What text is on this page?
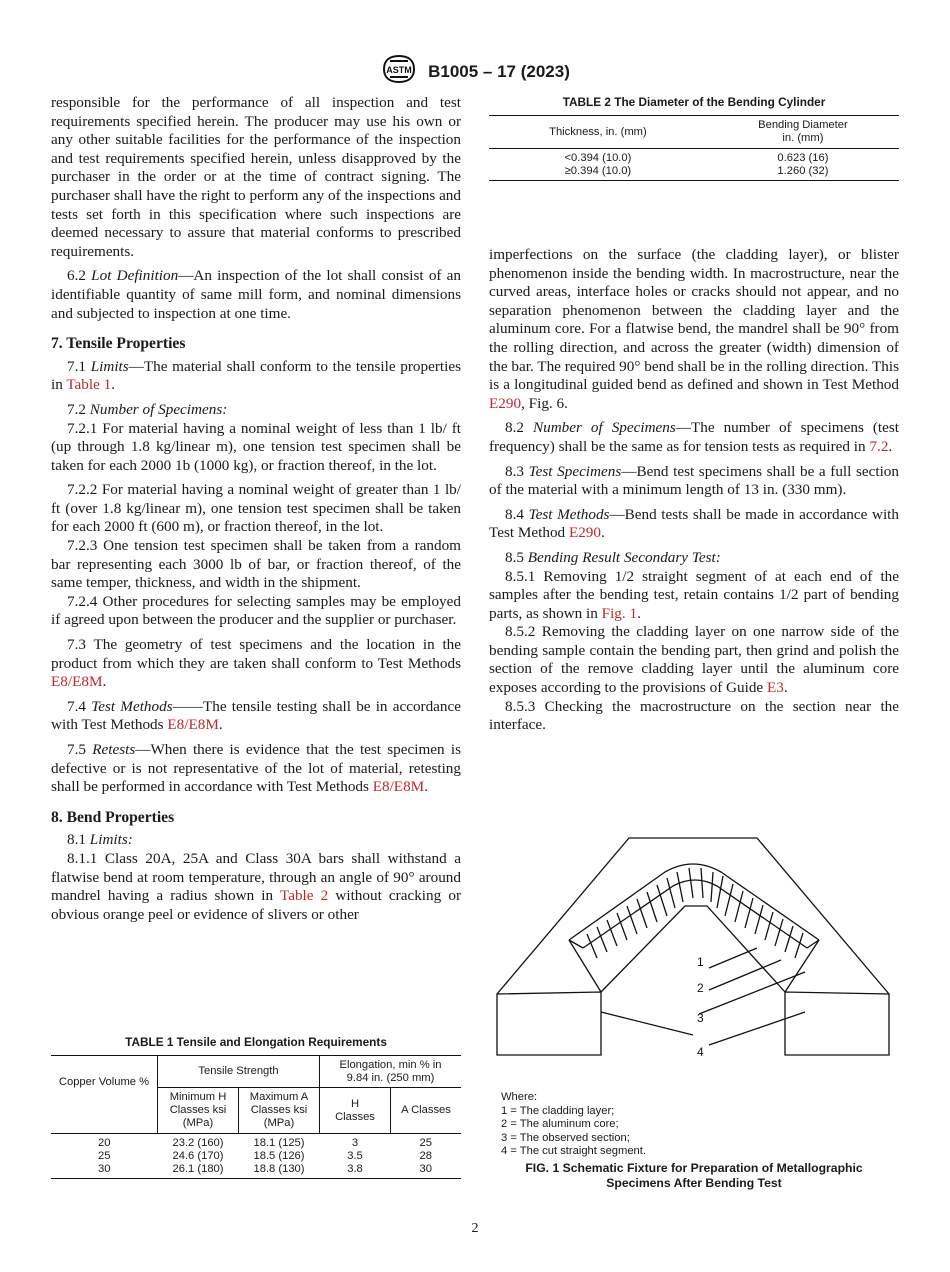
ASTM B1005 – 17 (2023)

responsible for the performance of all inspection and test requirements specified herein. The producer may use his own or any other suitable facilities for the performance of the inspection and test requirements specified herein, unless disapproved by the purchaser in the order or at the time of contract signing. The purchaser shall have the right to perform any of the inspections and tests set forth in this specification where such inspections are deemed necessary to assure that material conforms to prescribed requirements.

6.2 Lot Definition—An inspection of the lot shall consist of an identifiable quantity of same mill form, and nominal dimensions and subjected to inspection at one time.

7. Tensile Properties

7.1 Limits—The material shall conform to the tensile properties in Table 1.

7.2 Number of Specimens:

7.2.1 For material having a nominal weight of less than 1 lb/ ft (up through 1.8 kg/linear m), one tension test specimen shall be taken for each 2000 1b (1000 kg), or fraction thereof, in the lot.

7.2.2 For material having a nominal weight of greater than 1 lb/ ft (over 1.8 kg/linear m), one tension test specimen shall be taken for each 2000 ft (600 m), or fraction thereof, in the lot.

7.2.3 One tension test specimen shall be taken from a random bar representing each 3000 lb of bar, or fraction thereof, of the same temper, thickness, and width in the shipment.

7.2.4 Other procedures for selecting samples may be employed if agreed upon between the producer and the supplier or purchaser.

7.3 The geometry of test specimens and the location in the product from which they are taken shall conform to Test Methods E8/E8M.

7.4 Test Methods——The tensile testing shall be in accordance with Test Methods E8/E8M.

7.5 Retests—When there is evidence that the test specimen is defective or is not representative of the lot of material, retesting shall be performed in accordance with Test Methods E8/E8M.

8. Bend Properties

8.1 Limits:

8.1.1 Class 20A, 25A and Class 30A bars shall withstand a flatwise bend at room temperature, through an angle of 90° around mandrel having a radius shown in Table 2 without cracking or obvious orange peel or evidence of slivers or other

TABLE 1 Tensile and Elongation Requirements
Copper Volume %	Tensile Strength		Elongation, min % in 9.84 in. (250 mm)	
	Minimum H Classes ksi (MPa)	Maximum A Classes ksi (MPa)	H Classes	A Classes
20	23.2 (160)	18.1 (125)	3	25
25	24.6 (170)	18.5 (126)	3.5	28
30	26.1 (180)	18.8 (130)	3.8	30
TABLE 2 The Diameter of the Bending Cylinder
Thickness, in. (mm)	Bending Diameter in. (mm)
<0.394 (10.0)	0.623 (16)
≥0.394 (10.0)	1.260 (32)

imperfections on the surface (the cladding layer), or blister phenomenon inside the bending width. In macrostructure, near the curved areas, interface holes or cracks should not appear, and no separation phenomenon between the cladding layer and the aluminum core. For a flatwise bend, the mandrel shall be 90° from the rolling direction, and across the greater (width) dimension of the bar. The required 90° bend shall be in the rolling direction. This is a longitudinal guided bend as defined and shown in Test Method E290, Fig. 6.

8.2 Number of Specimens—The number of specimens (test frequency) shall be the same as for tension tests as required in 7.2.

8.3 Test Specimens—Bend test specimens shall be a full section of the material with a minimum length of 13 in. (330 mm).

8.4 Test Methods—Bend tests shall be made in accordance with Test Method E290.

8.5 Bending Result Secondary Test:

8.5.1 Removing 1/2 straight segment of at each end of the samples after the bending test, retain contains 1/2 part of bending parts, as shown in Fig. 1.

8.5.2 Removing the cladding layer on one narrow side of the bending sample contain the bending part, then grind and polish the section of the remove cladding layer until the aluminum core exposes according to the provisions of Guide E3.

8.5.3 Checking the macrostructure on the section near the interface.

1
2
3
4
Where:
1 = The cladding layer;
2 = The aluminum core;
3 = The observed section;
4 = The cut straight segment.
FIG. 1 Schematic Fixture for Preparation of Metallographic
Specimens After Bending Test
2
